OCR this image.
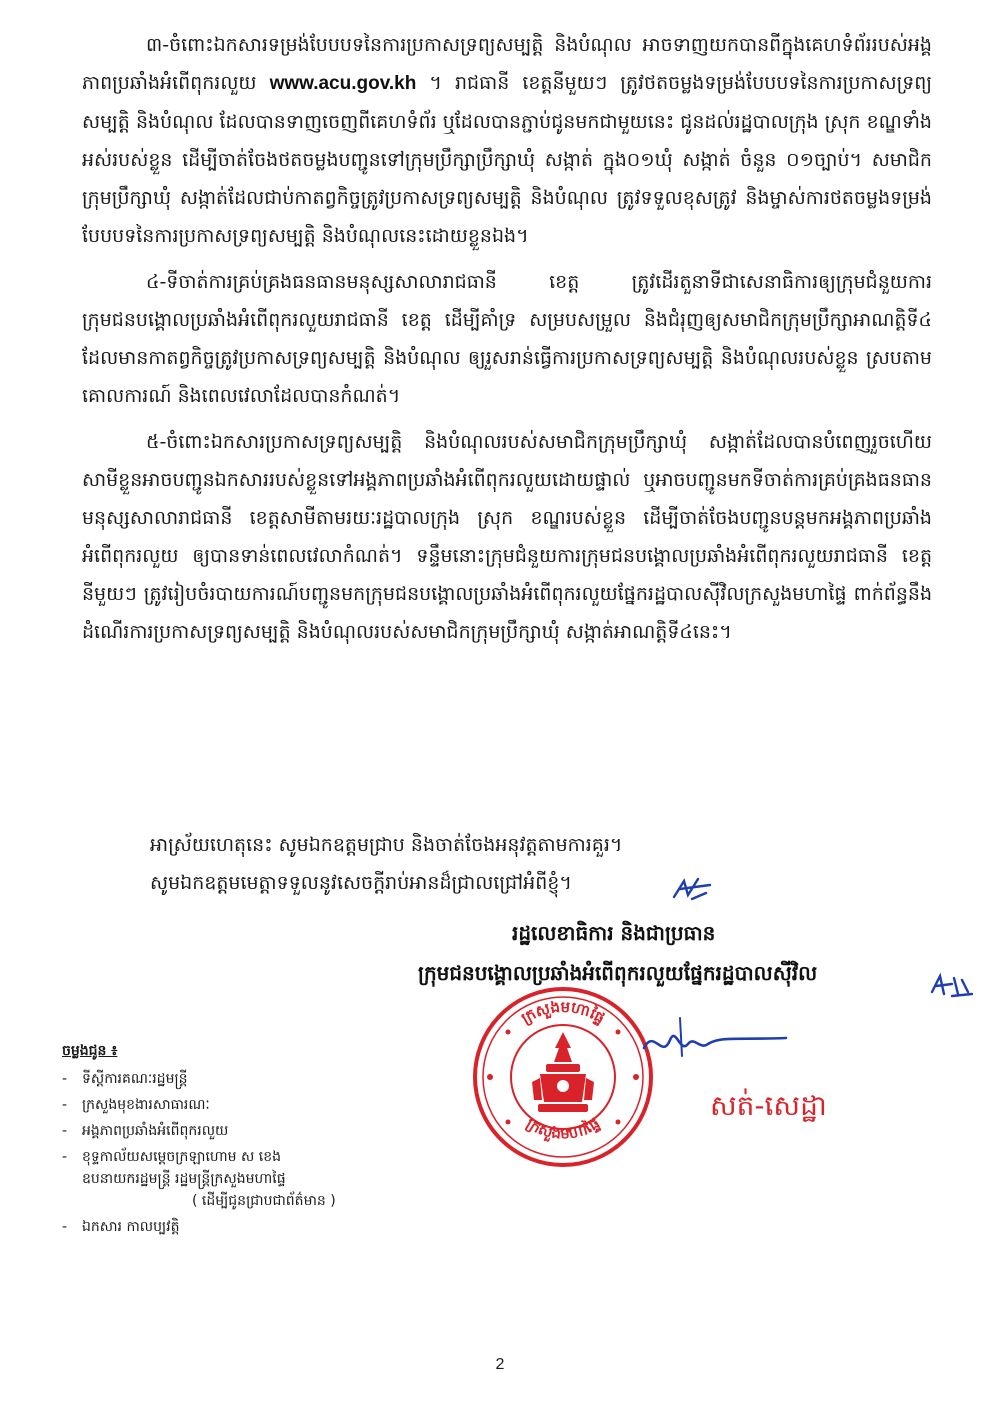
៣-ចំពោះឯកសារទម្រង់បែបបទនៃការប្រកាសទ្រព្យសម្បត្តិ និងបំណុល អាចទាញយកបានពីក្នុងគេហទំព័ររបស់អង្គភាពប្រឆាំងអំពើពុករលួយ www.acu.gov.kh ។ រាជធានី ខេត្តនីមួយៗ ត្រូវថតចម្លងទម្រង់បែបបទនៃការប្រកាសទ្រព្យសម្បត្តិ និងបំណុល ដែលបានទាញចេញពីគេហទំព័រ ឬដែលបានភ្ជាប់ជូនមកជាមួយនេះ ជូនដល់រដ្ឋបាលក្រុង ស្រុក ខណ្ឌទាំងអស់របស់ខ្លួន ដើម្បីចាត់ចែងថតចម្លងបញ្ជូនទៅក្រុមប្រឹក្សាប្រឹក្សាឃុំ សង្កាត់ ក្នុង០១ឃុំ សង្កាត់ ចំនួន ០១ច្បាប់។ សមាជិកក្រុមប្រឹក្សាឃុំ សង្កាត់ដែលជាប់កាតព្វកិច្ចត្រូវប្រកាសទ្រព្យសម្បត្តិ និងបំណុល ត្រូវទទួលខុសត្រូវ និងម្ចាស់ការថតចម្លងទម្រង់បែបបទនៃការប្រកាសទ្រព្យសម្បត្តិ និងបំណុលនេះដោយខ្លួនឯង។

៤-ទីចាត់ការគ្រប់គ្រងធនធានមនុស្សសាលារាជធានី ខេត្ត ត្រូវដើរតួនាទីជាសេនាធិការឲ្យក្រុមជំនួយការក្រុមជនបង្គោលប្រឆាំងអំពើពុករលួយរាជធានី ខេត្ត ដើម្បីគាំទ្រ សម្របសម្រួល និងជំរុញឲ្យសមាជិកក្រុមប្រឹក្សាអាណត្តិទី៤ ដែលមានកាតព្វកិច្ចត្រូវប្រកាសទ្រព្យសម្បត្តិ និងបំណុល ឲ្យរួសរាន់ធ្វើការប្រកាសទ្រព្យសម្បត្តិ និងបំណុលរបស់ខ្លួន ស្របតាមគោលការណ៍ និងពេលវេលាដែលបានកំណត់។

៥-ចំពោះឯកសារប្រកាសទ្រព្យសម្បត្តិ និងបំណុលរបស់សមាជិកក្រុមប្រឹក្សាឃុំ សង្កាត់ដែលបានបំពេញរួចហើយ សាមីខ្លួនអាចបញ្ជូនឯកសាររបស់ខ្លួនទៅអង្គភាពប្រឆាំងអំពើពុករលួយដោយផ្ទាល់ ឬអាចបញ្ជូនមកទីចាត់ការគ្រប់គ្រងធនធានមនុស្សសាលារាជធានី ខេត្តសាមីតាមរយៈរដ្ឋបាលក្រុង ស្រុក ខណ្ឌរបស់ខ្លួន ដើម្បីចាត់ចែងបញ្ជូនបន្តមកអង្គភាពប្រឆាំងអំពើពុករលួយ ឲ្យបានទាន់ពេលវេលាកំណត់។ ទន្ទឹមនោះក្រុមជំនួយការក្រុមជនបង្គោលប្រឆាំងអំពើពុករលួយរាជធានី ខេត្តនីមួយៗ ត្រូវរៀបចំរបាយការណ៍បញ្ជូនមកក្រុមជនបង្គោលប្រឆាំងអំពើពុករលួយផ្នែករដ្ឋបាលស៊ីវិលក្រសួងមហាផ្ទៃ ពាក់ព័ន្ធនឹងដំណើរការប្រកាសទ្រព្យសម្បត្តិ និងបំណុលរបស់សមាជិកក្រុមប្រឹក្សាឃុំ សង្កាត់អាណត្តិទី៤នេះ។

អាស្រ័យហេតុនេះ សូមឯកឧត្តមជ្រាប និងចាត់ចែងអនុវត្តតាមការគួរ។
សូមឯកឧត្តមមេត្តាទទួលនូវសេចក្តីរាប់អានដ៏ជ្រាលជ្រៅអំពីខ្ញុំ។
រដ្ឋលេខាធិការ និងជាប្រធាន
ក្រុមជនបង្គោលប្រឆាំងអំពើពុករលួយផ្នែករដ្ឋបាលស៊ីវិល
ក្រសួងមហាផ្ទៃ
ក្រសួងមហាផ្ទៃ
សត់-សេដ្ឋា
ចម្លងជូន ៖
- ទីស្តីការគណៈរដ្ឋមន្ត្រី
- ក្រសួងមុខងារសាធារណៈ
- អង្គភាពប្រឆាំងអំពើពុករលួយ
- ខុទ្ទកាល័យសម្តេចក្រឡាហោម ស ខេង
ឧបនាយករដ្ឋមន្ត្រី រដ្ឋមន្ត្រីក្រសួងមហាផ្ទៃ
( ដើម្បីជូនជ្រាបជាព័ត៌មាន )
- ឯកសារ កាលប្បវត្តិ
2
